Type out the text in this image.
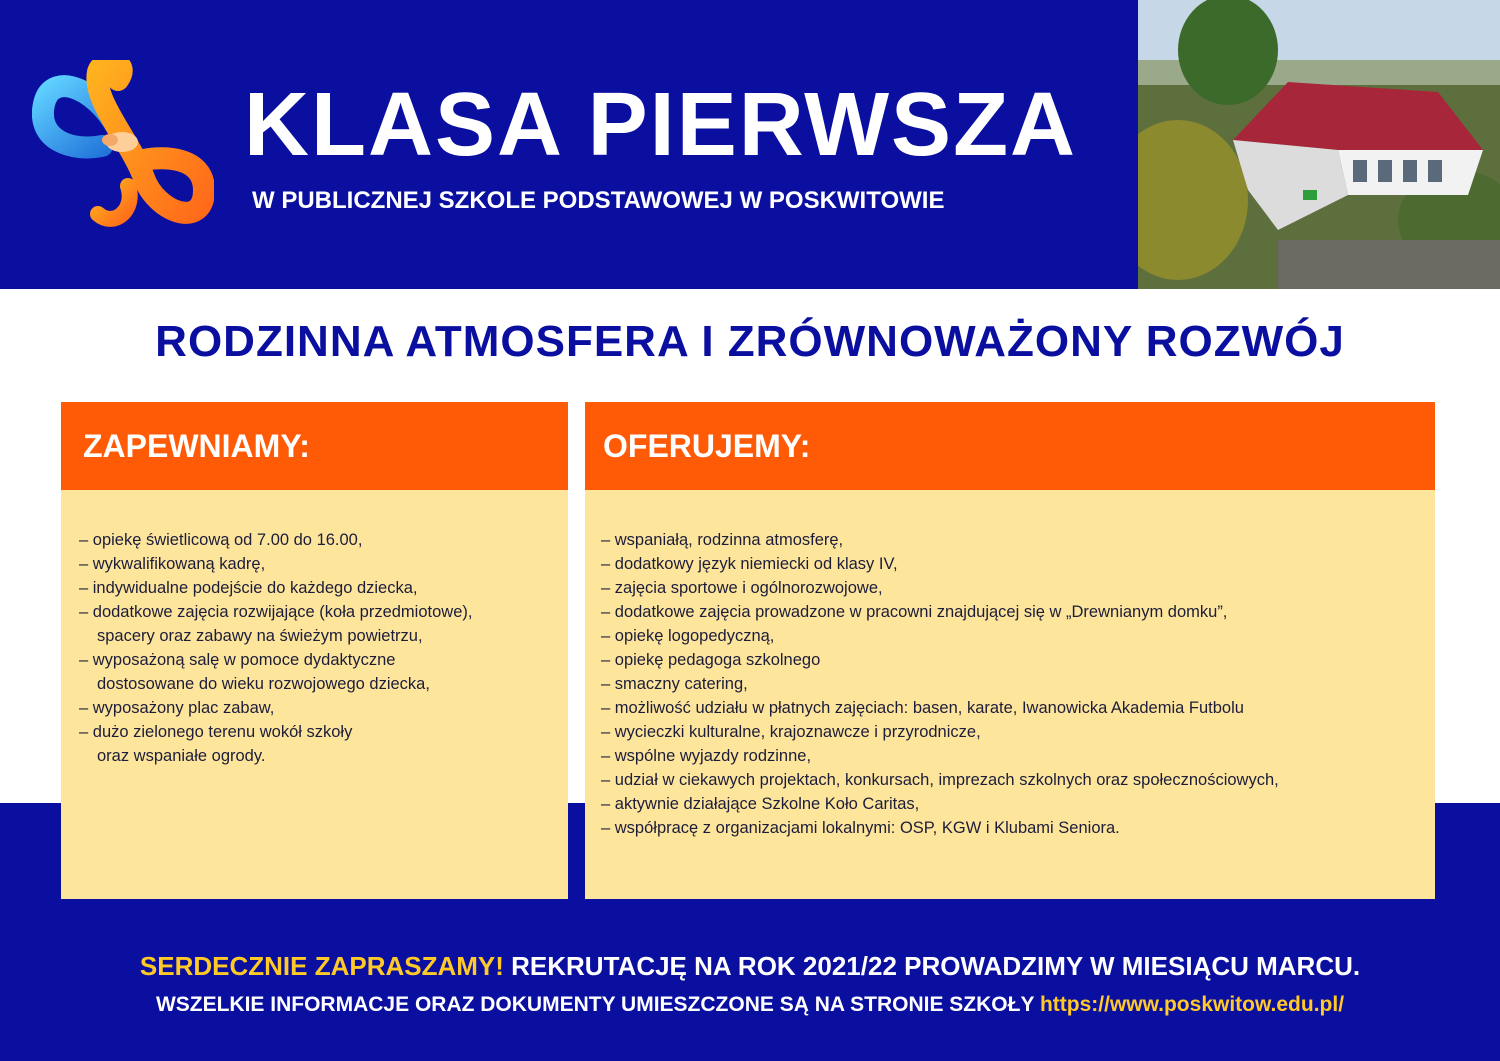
KLASA PIERWSZA
W PUBLICZNEJ SZKOLE PODSTAWOWEJ W POSKWITOWIE
RODZINNA ATMOSFERA I ZRÓWNOWAŻONY ROZWÓJ
ZAPEWNIAMY:
– opiekę świetlicową od 7.00 do 16.00,
– wykwalifikowaną kadrę,
– indywidualne podejście do każdego dziecka,
– dodatkowe zajęcia rozwijające (koła przedmiotowe),
spacery oraz zabawy na świeżym powietrzu,
– wyposażoną salę w pomoce dydaktyczne
dostosowane do wieku rozwojowego dziecka,
– wyposażony plac zabaw,
– dużo zielonego terenu wokół szkoły
oraz wspaniałe ogrody.
OFERUJEMY:
– wspaniałą, rodzinna atmosferę,
– dodatkowy język niemiecki od klasy IV,
– zajęcia sportowe i ogólnorozwojowe,
– dodatkowe zajęcia prowadzone w pracowni znajdującej się w „Drewnianym domku”,
– opiekę logopedyczną,
– opiekę pedagoga szkolnego
– smaczny catering,
– możliwość udziału w płatnych zajęciach: basen, karate, Iwanowicka Akademia Futbolu
– wycieczki kulturalne, krajoznawcze i przyrodnicze,
– wspólne wyjazdy rodzinne,
– udział w ciekawych projektach, konkursach, imprezach szkolnych oraz społecznościowych,
– aktywnie działające Szkolne Koło Caritas,
– współpracę z organizacjami lokalnymi: OSP, KGW i Klubami Seniora.
SERDECZNIE ZAPRASZAMY! REKRUTACJĘ NA ROK 2021/22 PROWADZIMY W MIESIĄCU MARCU.
WSZELKIE INFORMACJE ORAZ DOKUMENTY UMIESZCZONE SĄ NA STRONIE SZKOŁY https://www.poskwitow.edu.pl/
